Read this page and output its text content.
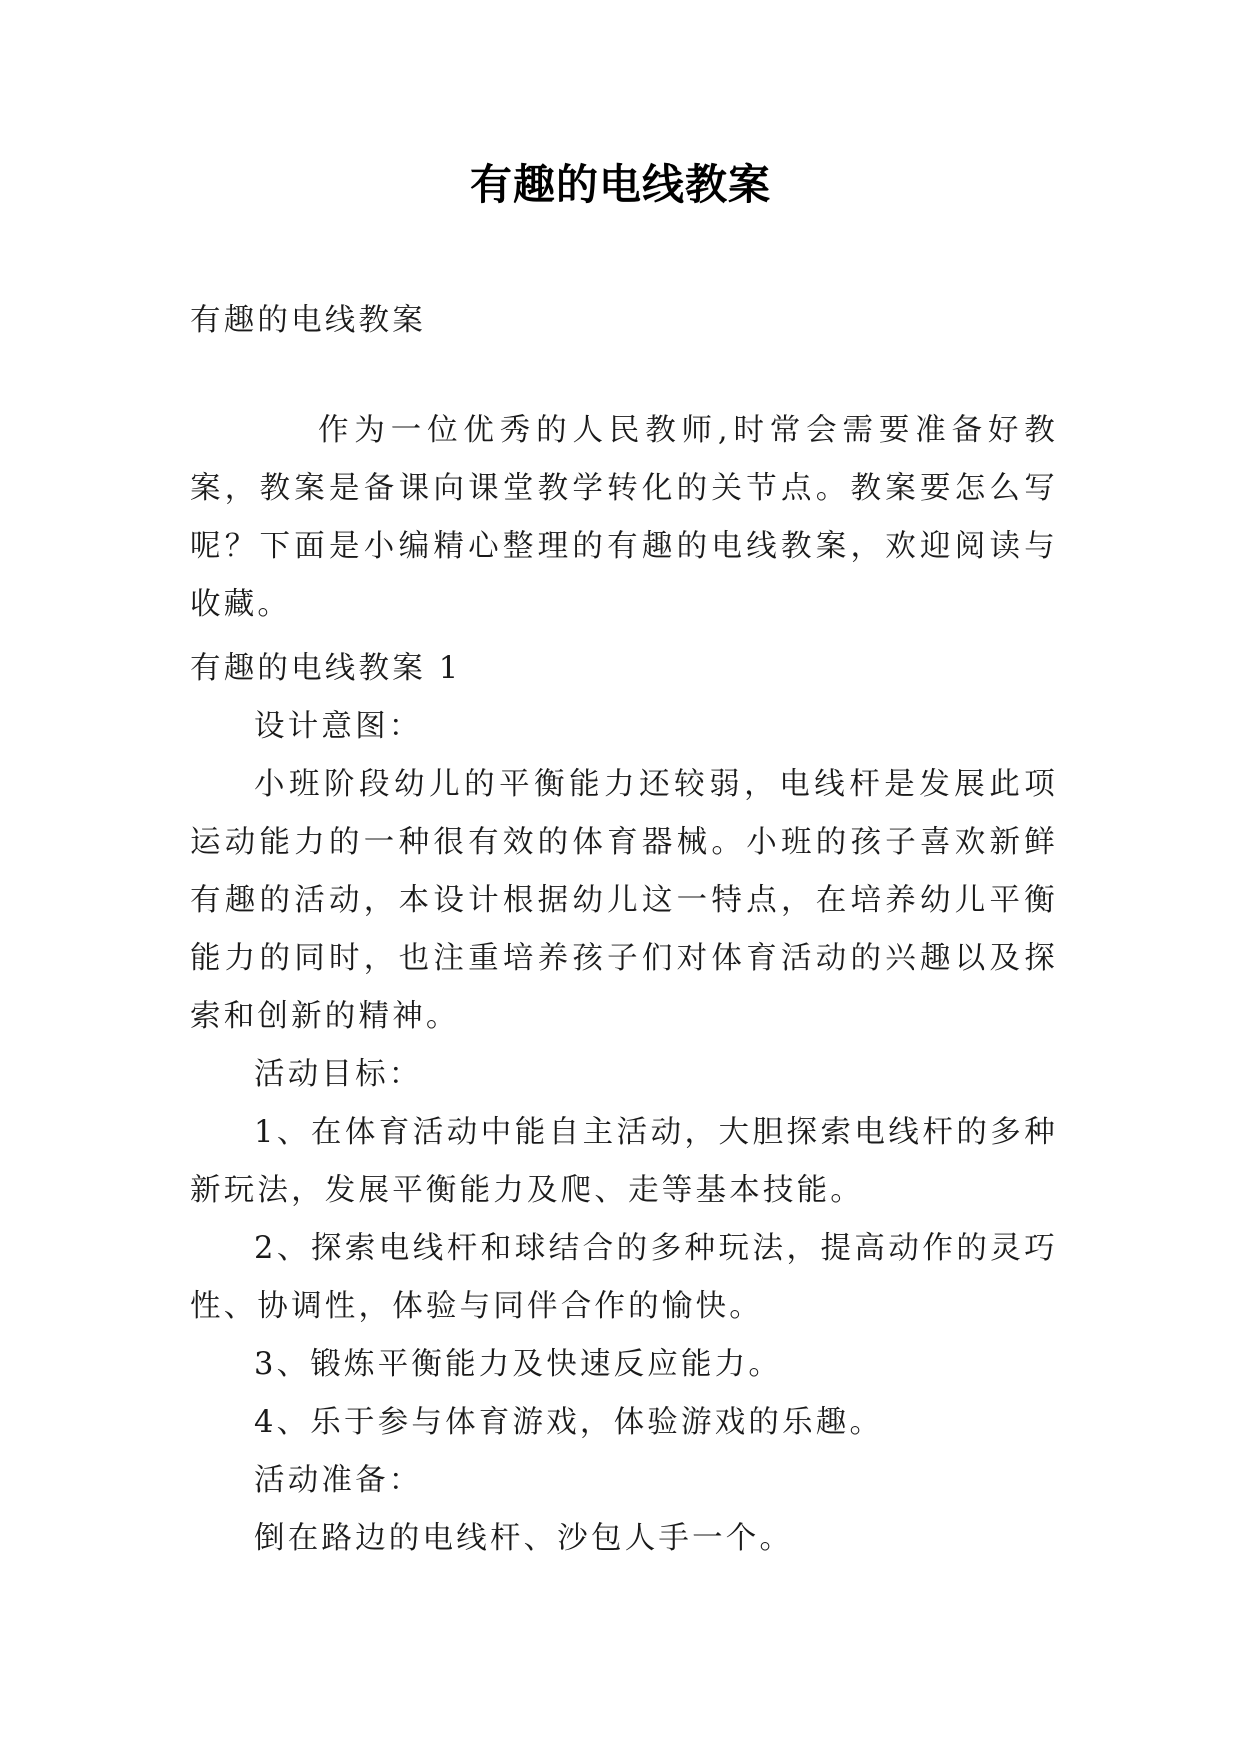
有趣的电线教案
有趣的电线教案
作为一位优秀的人民教师,时常会需要准备好教案，教案是备课向课堂教学转化的关节点。教案要怎么写呢？下面是小编精心整理的有趣的电线教案，欢迎阅读与收藏。

有趣的电线教案 1

设计意图：

小班阶段幼儿的平衡能力还较弱，电线杆是发展此项运动能力的一种很有效的体育器械。小班的孩子喜欢新鲜有趣的活动，本设计根据幼儿这一特点，在培养幼儿平衡能力的同时，也注重培养孩子们对体育活动的兴趣以及探索和创新的精神。

活动目标：

1、在体育活动中能自主活动，大胆探索电线杆的多种新玩法，发展平衡能力及爬、走等基本技能。

2、探索电线杆和球结合的多种玩法，提高动作的灵巧性、协调性，体验与同伴合作的愉快。

3、锻炼平衡能力及快速反应能力。

4、乐于参与体育游戏，体验游戏的乐趣。

活动准备：

倒在路边的电线杆、沙包人手一个。
